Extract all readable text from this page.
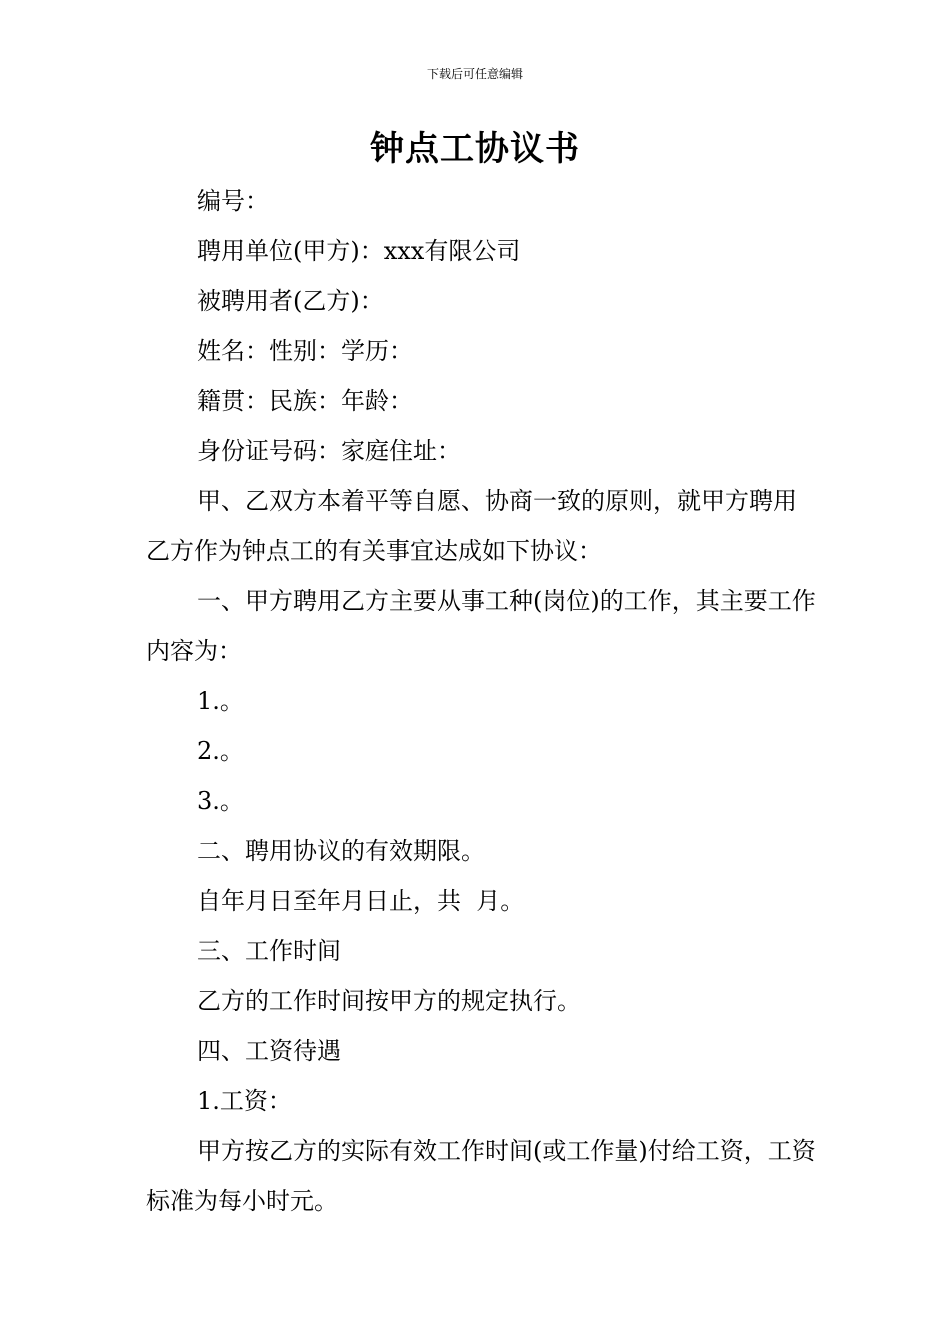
下载后可任意编辑
钟点工协议书

编号：

聘用单位(甲方)：xxx有限公司

被聘用者(乙方)：

姓名：性别：学历：

籍贯：民族：年龄：

身份证号码：家庭住址：

甲、乙双方本着平等自愿、协商一致的原则，就甲方聘用乙方作为钟点工的有关事宜达成如下协议：

一、甲方聘用乙方主要从事工种(岗位)的工作，其主要工作内容为：

1.。

2.。

3.。

二、聘用协议的有效期限。

自年月日至年月日止，共  月。

三、工作时间

乙方的工作时间按甲方的规定执行。

四、工资待遇

1.工资：

甲方按乙方的实际有效工作时间(或工作量)付给工资，工资标准为每小时元。
